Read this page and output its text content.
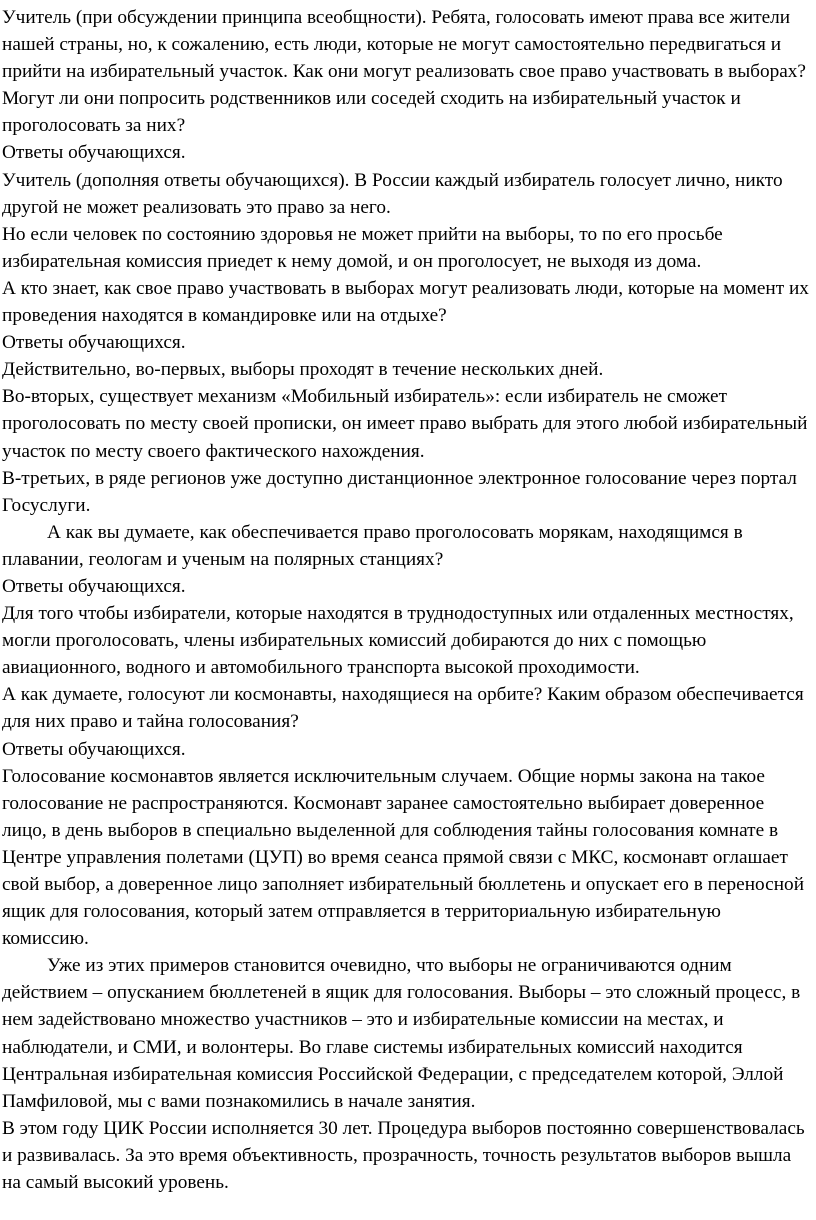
Учитель (при обсуждении принципа всеобщности). Ребята, голосовать имеют права все жители нашей страны, но, к сожалению, есть люди, которые не могут самостоятельно передвигаться и прийти на избирательный участок. Как они могут реализовать свое право участвовать в выборах? Могут ли они попросить родственников или соседей сходить на избирательный участок и проголосовать за них?

Ответы обучающихся.

Учитель (дополняя ответы обучающихся). В России каждый избиратель голосует лично, никто другой не может реализовать это право за него.

Но если человек по состоянию здоровья не может прийти на выборы, то по его просьбе избирательная комиссия приедет к нему домой, и он проголосует, не выходя из дома.

А кто знает, как свое право участвовать в выборах могут реализовать люди, которые на момент их проведения находятся в командировке или на отдыхе?

Ответы обучающихся.

Действительно, во-первых, выборы проходят в течение нескольких дней.

Во-вторых, существует механизм «Мобильный избиратель»: если избиратель не сможет проголосовать по месту своей прописки, он имеет право выбрать для этого любой избирательный участок по месту своего фактического нахождения.

В-третьих, в ряде регионов уже доступно дистанционное электронное голосование через портал Госуслуги.

А как вы думаете, как обеспечивается право проголосовать морякам, находящимся в плавании, геологам и ученым на полярных станциях?

Ответы обучающихся.

Для того чтобы избиратели, которые находятся в труднодоступных или отдаленных местностях, могли проголосовать, члены избирательных комиссий добираются до них с помощью авиационного, водного и автомобильного транспорта высокой проходимости.

А как думаете, голосуют ли космонавты, находящиеся на орбите? Каким образом обеспечивается для них право и тайна голосования?

Ответы обучающихся.

Голосование космонавтов является исключительным случаем. Общие нормы закона на такое голосование не распространяются. Космонавт заранее самостоятельно выбирает доверенное лицо, в день выборов в специально выделенной для соблюдения тайны голосования комнате в Центре управления полетами (ЦУП) во время сеанса прямой связи с МКС, космонавт оглашает свой выбор, а доверенное лицо заполняет избирательный бюллетень и опускает его в переносной ящик для голосования, который затем отправляется в территориальную избирательную комиссию.

Уже из этих примеров становится очевидно, что выборы не ограничиваются одним действием – опусканием бюллетеней в ящик для голосования. Выборы – это сложный процесс, в нем задействовано множество участников – это и избирательные комиссии на местах, и наблюдатели, и СМИ, и волонтеры. Во главе системы избирательных комиссий находится Центральная избирательная комиссия Российской Федерации, с председателем которой, Эллой Памфиловой, мы с вами познакомились в начале занятия.

В этом году ЦИК России исполняется 30 лет. Процедура выборов постоянно совершенствовалась и развивалась. За это время объективность, прозрачность, точность результатов выборов вышла на самый высокий уровень.
